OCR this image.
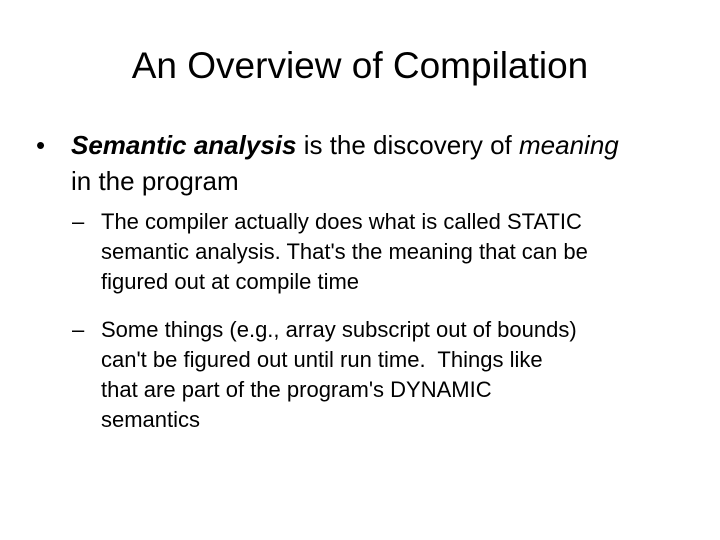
An Overview of Compilation
• Semantic analysis is the discovery of meaning
in the program
– The compiler actually does what is called STATIC
semantic analysis. That's the meaning that can be
figured out at compile time
– Some things (e.g., array subscript out of bounds)
can't be figured out until run time.  Things like
that are part of the program's DYNAMIC
semantics
